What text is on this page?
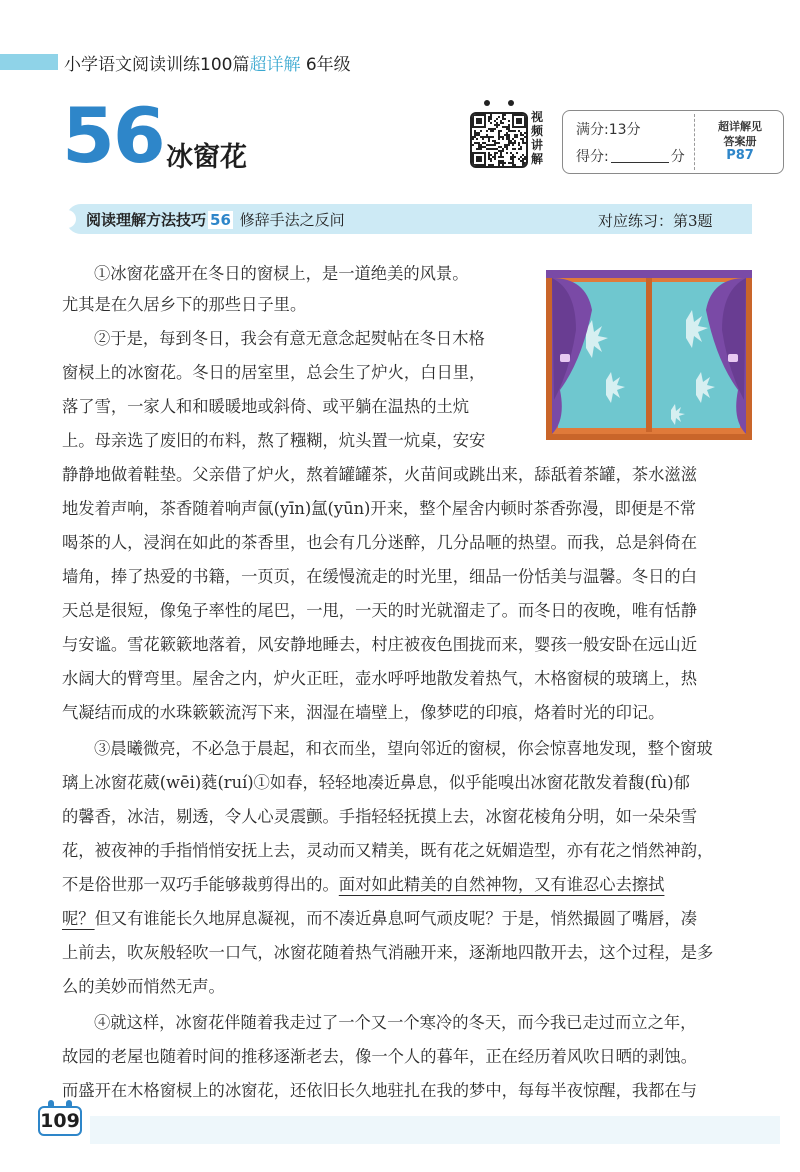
小学语文阅读训练100篇超详解 6年级
56 冰窗花
视
频
讲
解
满分:13分
得分:	分
超详解见
答案册
P87
阅读理解方法技巧 56 修辞手法之反问	对应练习：第3题
①冰窗花盛开在冬日的窗棂上，是一道绝美的风景。
尤其是在久居乡下的那些日子里。
②于是，每到冬日，我会有意无意念起熨帖在冬日木格
窗棂上的冰窗花。冬日的居室里，总会生了炉火，白日里，
落了雪，一家人和和暖暖地或斜倚、或平躺在温热的土炕
上。母亲选了废旧的布料，熬了糨糊，炕头置一炕桌，安安
静静地做着鞋垫。父亲借了炉火，熬着罐罐茶，火苗间或跳出来，舔舐着茶罐，茶水滋滋
地发着声响，茶香随着响声氤(yīn)氲(yūn)开来，整个屋舍内顿时茶香弥漫，即便是不常
喝茶的人，浸润在如此的茶香里，也会有几分迷醉，几分品咂的热望。而我，总是斜倚在
墙角，捧了热爱的书籍，一页页，在缓慢流走的时光里，细品一份恬美与温馨。冬日的白
天总是很短，像兔子率性的尾巴，一甩，一天的时光就溜走了。而冬日的夜晚，唯有恬静
与安谧。雪花簌簌地落着，风安静地睡去，村庄被夜色围拢而来，婴孩一般安卧在远山近
水阔大的臂弯里。屋舍之内，炉火正旺，壶水呼呼地散发着热气，木格窗棂的玻璃上，热
气凝结而成的水珠簌簌流泻下来，洇湿在墙壁上，像梦呓的印痕，烙着时光的印记。
③晨曦微亮，不必急于晨起，和衣而坐，望向邻近的窗棂，你会惊喜地发现，整个窗玻
璃上冰窗花葳(wēi)蕤(ruí)①如春，轻轻地凑近鼻息，似乎能嗅出冰窗花散发着馥(fù)郁
的馨香，冰洁，剔透，令人心灵震颤。手指轻轻抚摸上去，冰窗花棱角分明，如一朵朵雪
花，被夜神的手指悄悄安抚上去，灵动而又精美，既有花之妩媚造型，亦有花之悄然神韵，
不是俗世那一双巧手能够裁剪得出的。面对如此精美的自然神物，又有谁忍心去擦拭
呢？但又有谁能长久地屏息凝视，而不凑近鼻息呵气顽皮呢？于是，悄然撮圆了嘴唇，凑
上前去，吹灰般轻吹一口气，冰窗花随着热气消融开来，逐渐地四散开去，这个过程，是多
么的美妙而悄然无声。
④就这样，冰窗花伴随着我走过了一个又一个寒冷的冬天，而今我已走过而立之年，
故园的老屋也随着时间的推移逐渐老去，像一个人的暮年，正在经历着风吹日晒的剥蚀。
而盛开在木格窗棂上的冰窗花，还依旧长久地驻扎在我的梦中，每每半夜惊醒，我都在与
109
